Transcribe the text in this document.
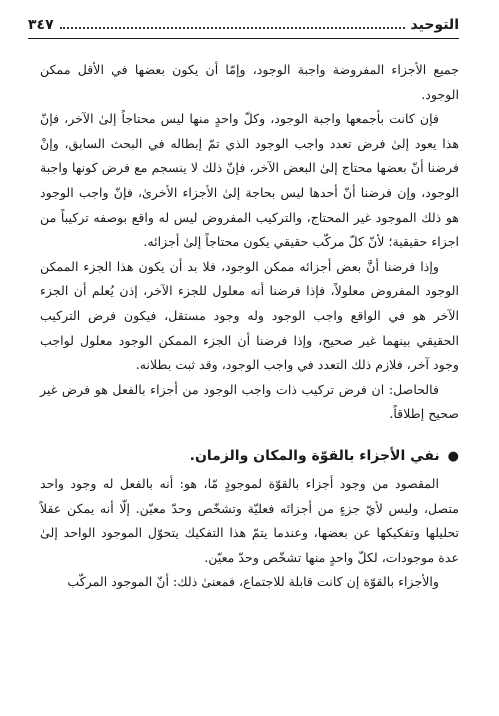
التوحيد
٣٤٧

جميع الأجزاء المفروضة واجبة الوجود، وإمّا أن يكون بعضها في الأقل ممكن الوجود.

فإن كانت بأجمعها واجبة الوجود، وكلّ واحدٍ منها ليس محتاجاً إلىٰ الآخر، فإنّ هذا يعود إلىٰ فرض تعدد واجب الوجود الذي تمّ إبطاله في البحث السابق، وإنْ فرضنا أنّ بعضها محتاج إلىٰ البعض الآخر، فإنّ ذلك لا ينسجم مع فرض كونها واجبة الوجود، وإن فرضنا أنّ أحدها ليس بحاجة إلىٰ الأجزاء الأخرىٰ، فإنّ واجب الوجود هو ذلك الموجود غير المحتاج، والتركيب المفروض ليس له واقع بوصفه تركيباً من اجزاء حقيقية؛ لأنّ كلّ مركّب حقيقي يكون محتاجاً إلىٰ أجزائه.

وإذا فرضنا أنَّ بعض أجزائه ممكن الوجود، فلا بد أن يكون هذا الجزء الممكن الوجود المفروض معلولاً، فإذا فرضنا أنه معلول للجزء الآخر، إذن يُعلم أن الجزء الآخر هو في الواقع واجب الوجود وله وجود مستقل، فيكون فرض التركيب الحقيقي بينهما غير صحيح، وإذا فرضنا أن الجزء الممكن الوجود معلول لواجب وجود آخر، فلازم ذلك التعدد في واجب الوجود، وقد ثبت بطلانه.

فالحاصل: ان فرض تركيب ذات واجب الوجود من أجزاء بالفعل هو فرض غير صحيح إطلاقاً.

●نفي الأجزاء بالقوّة والمكان والزمان.

المقصود من وجود أجزاء بالقوّة لموجودٍ مّا، هو: أنه بالفعل له وجود واحد متصل، وليس لأيّ جزءٍ من أجزائه فعليّة وتشخّص وحدّ معيّن. إلّا أنه يمكن عقلاً تحليلها وتفكيكها عن بعضها، وعندما يتمّ هذا التفكيك يتحوّل الموجود الواحد إلىٰ عدة موجودات، لكلّ واحدٍ منها تشخّص وحدّ معيّن.

والأجزاء بالقوّة إن كانت قابلة للاجتماع، فمعنىٰ ذلك: أنّ الموجود المركّب
